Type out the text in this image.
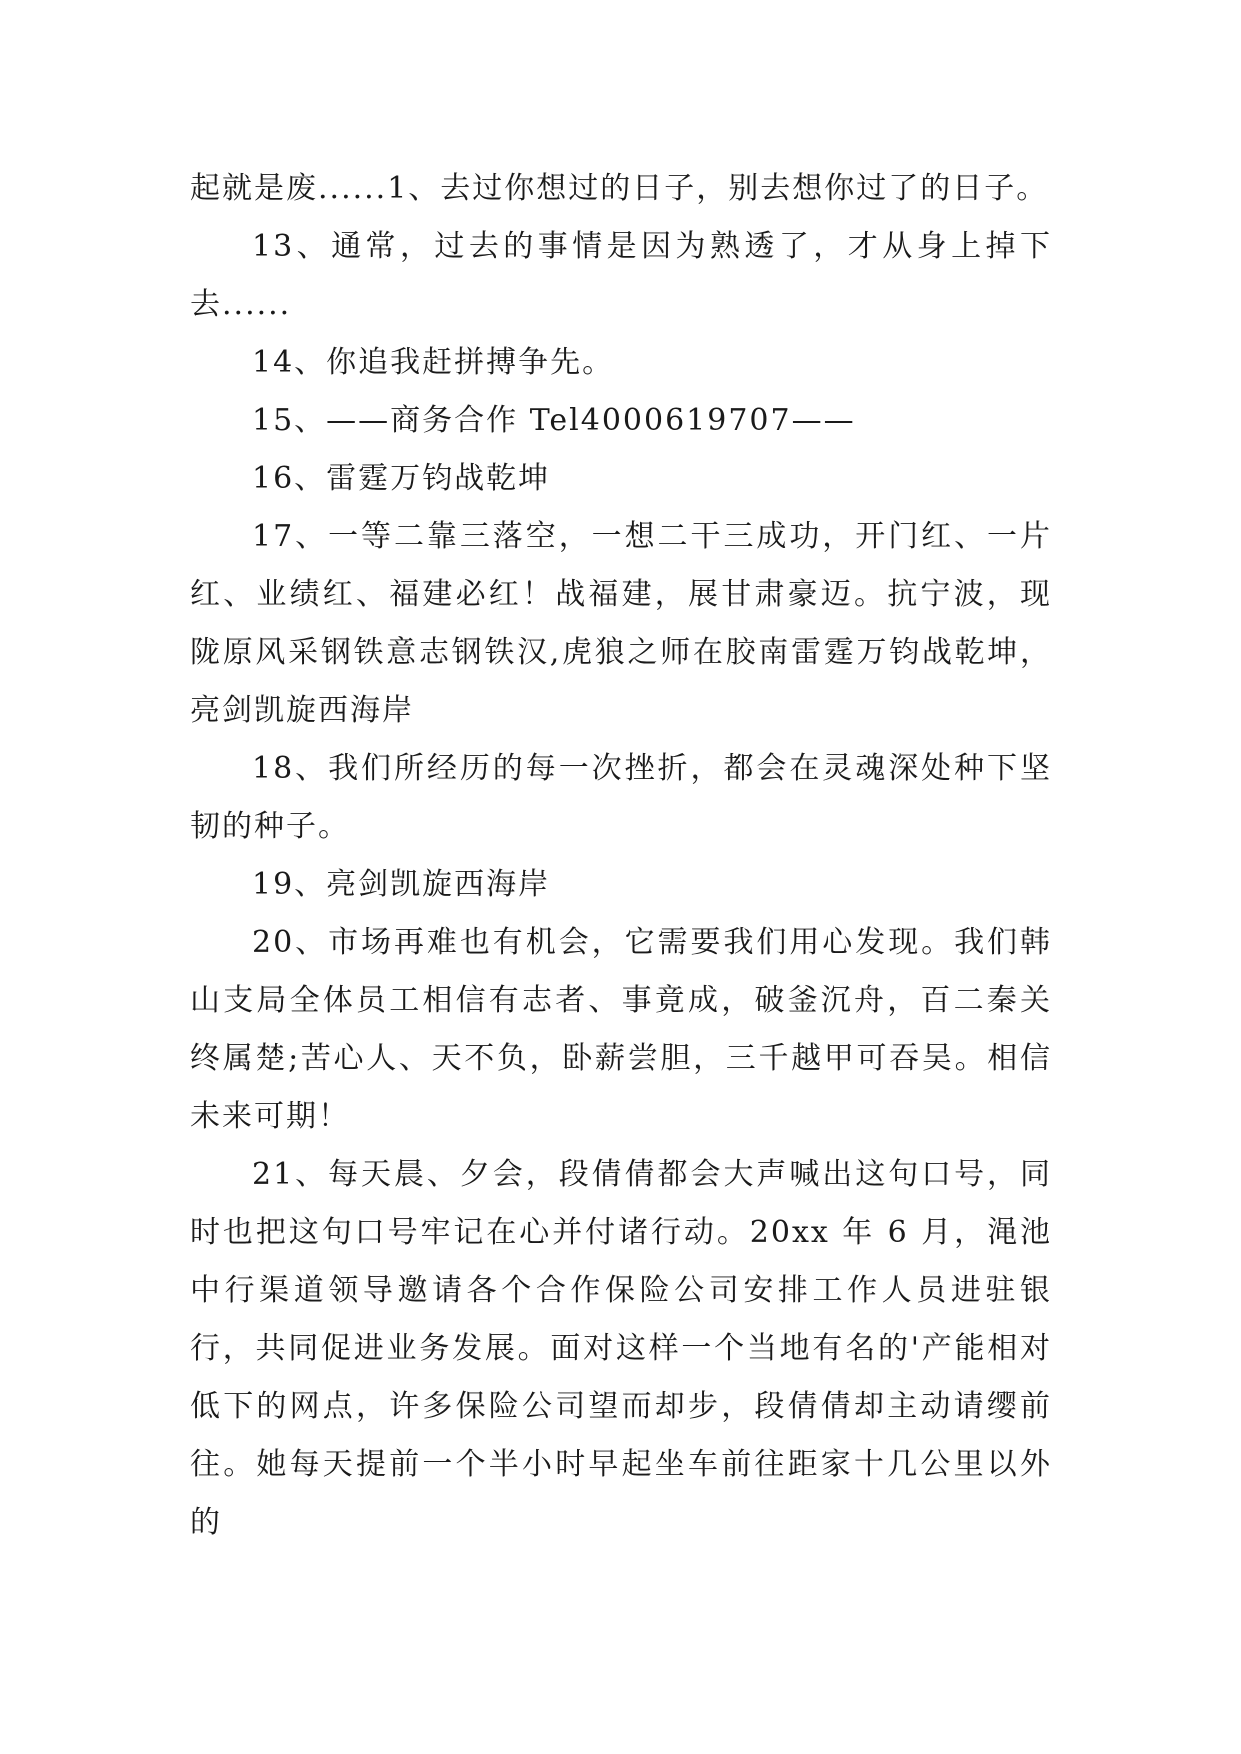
起就是废......1、去过你想过的日子，别去想你过了的日子。

13、通常，过去的事情是因为熟透了，才从身上掉下去......

14、你追我赶拼搏争先。

15、——商务合作 Tel4000619707——

16、雷霆万钧战乾坤

17、一等二靠三落空，一想二干三成功，开门红、一片红、业绩红、福建必红！战福建，展甘肃豪迈。抗宁波，现陇原风采钢铁意志钢铁汉,虎狼之师在胶南雷霆万钧战乾坤，亮剑凯旋西海岸

18、我们所经历的每一次挫折，都会在灵魂深处种下坚韧的种子。

19、亮剑凯旋西海岸

20、市场再难也有机会，它需要我们用心发现。我们韩山支局全体员工相信有志者、事竟成，破釜沉舟，百二秦关终属楚;苦心人、天不负，卧薪尝胆，三千越甲可吞吴。相信未来可期！

21、每天晨、夕会，段倩倩都会大声喊出这句口号，同时也把这句口号牢记在心并付诸行动。20xx 年 6 月，渑池中行渠道领导邀请各个合作保险公司安排工作人员进驻银行，共同促进业务发展。面对这样一个当地有名的'产能相对低下的网点，许多保险公司望而却步，段倩倩却主动请缨前往。她每天提前一个半小时早起坐车前往距家十几公里以外的
